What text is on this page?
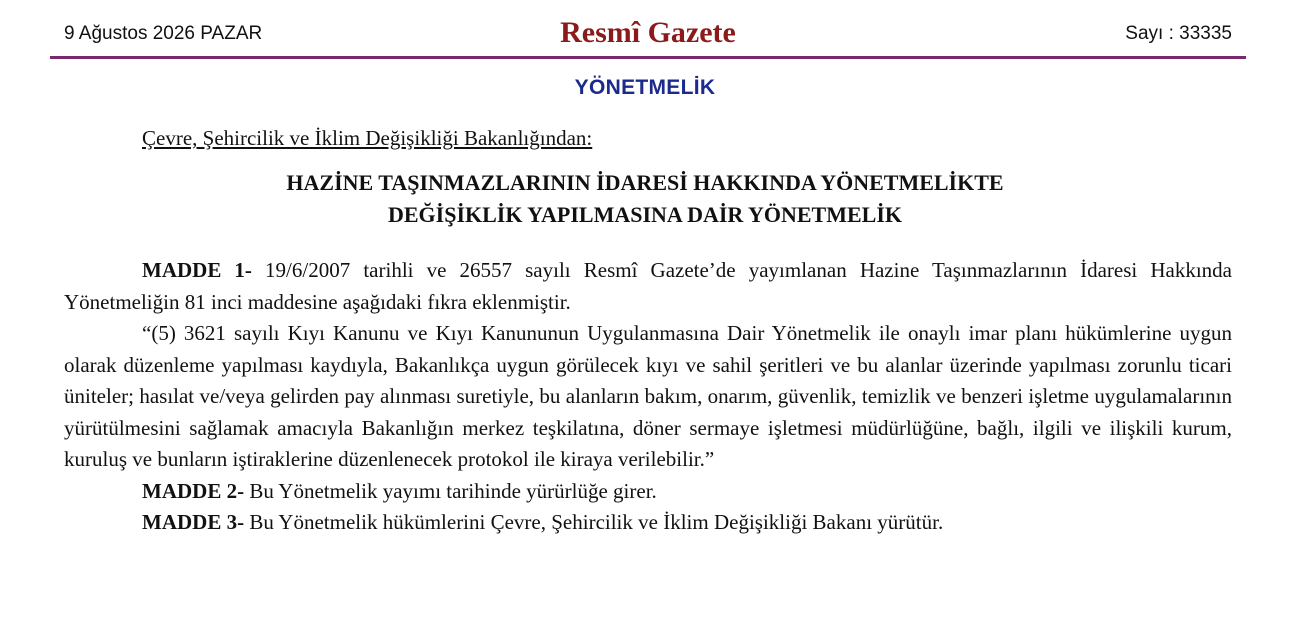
9 Ağustos 2026 PAZAR	Resmî Gazete	Sayı : 33335
YÖNETMELİK
Çevre, Şehircilik ve İklim Değişikliği Bakanlığından:
HAZİNE TAŞINMAZLARININ İDARESİ HAKKINDA YÖNETMELİKTE
DEĞİŞİKLİK YAPILMASINA DAİR YÖNETMELİK

MADDE 1- 19/6/2007 tarihli ve 26557 sayılı Resmî Gazete’de yayımlanan Hazine Taşınmazlarının İdaresi Hakkında Yönetmeliğin 81 inci maddesine aşağıdaki fıkra eklenmiştir.

“(5) 3621 sayılı Kıyı Kanunu ve Kıyı Kanununun Uygulanmasına Dair Yönetmelik ile onaylı imar planı hükümlerine uygun olarak düzenleme yapılması kaydıyla, Bakanlıkça uygun görülecek kıyı ve sahil şeritleri ve bu alanlar üzerinde yapılması zorunlu ticari üniteler; hasılat ve/veya gelirden pay alınması suretiyle, bu alanların bakım, onarım, güvenlik, temizlik ve benzeri işletme uygulamalarının yürütülmesini sağlamak amacıyla Bakanlığın merkez teşkilatına, döner sermaye işletmesi müdürlüğüne, bağlı, ilgili ve ilişkili kurum, kuruluş ve bunların iştiraklerine düzenlenecek protokol ile kiraya verilebilir.”

MADDE 2- Bu Yönetmelik yayımı tarihinde yürürlüğe girer.

MADDE 3- Bu Yönetmelik hükümlerini Çevre, Şehircilik ve İklim Değişikliği Bakanı yürütür.
